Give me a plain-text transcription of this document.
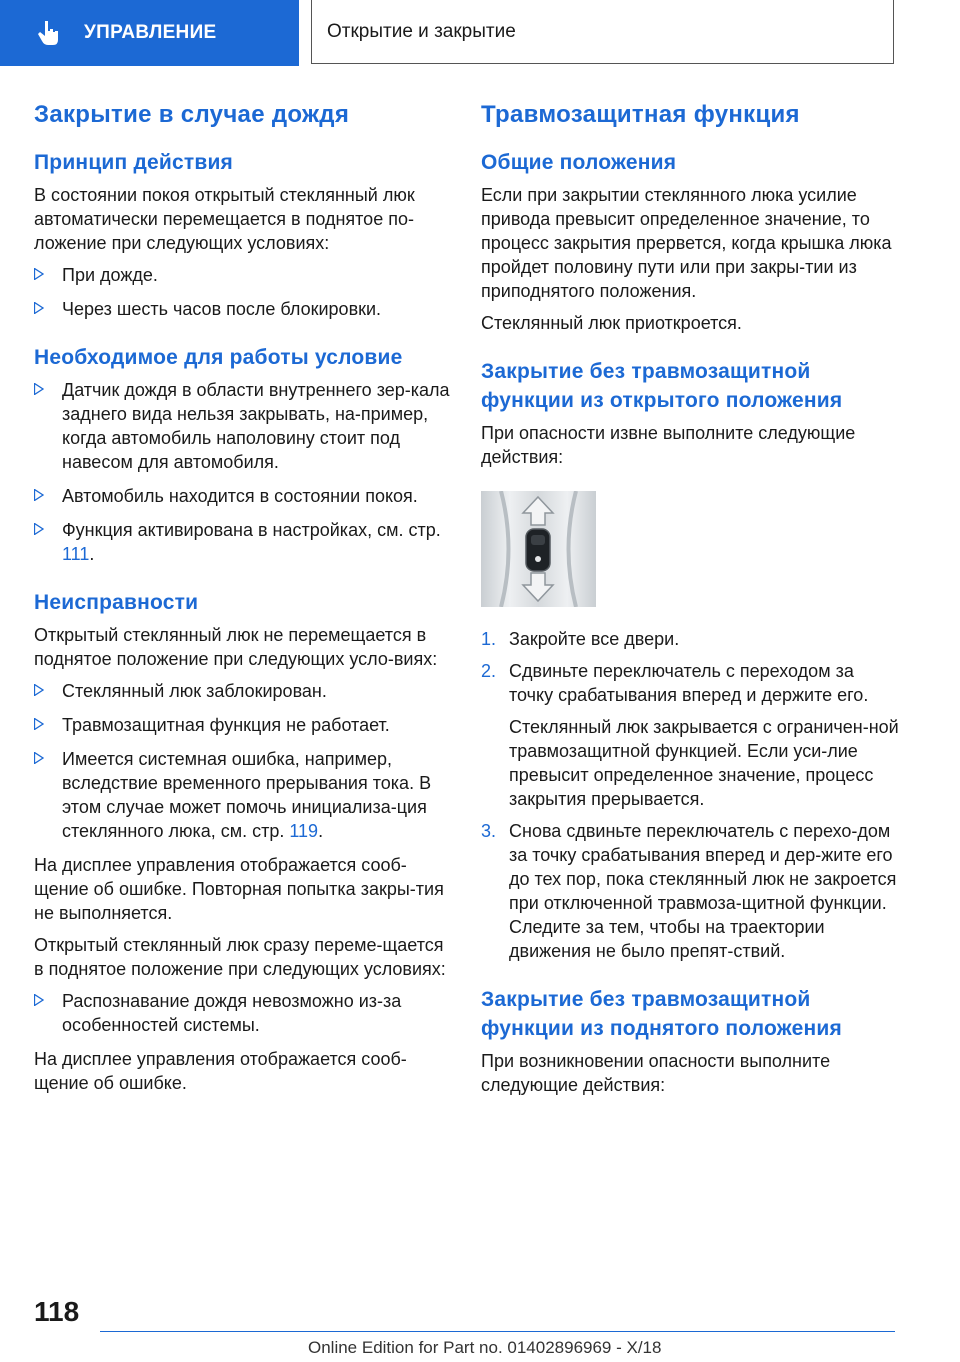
УПРАВЛЕНИЕ	Открытие и закрытие
Закрытие в случае дождя
Принцип действия

В состоянии покоя открытый стеклянный люк автоматически перемещается в поднятое по-ложение при следующих условиях:

При дожде.
Через шесть часов после блокировки.
Необходимое для работы условие
Датчик дождя в области внутреннего зер-кала заднего вида нельзя закрывать, на-пример, когда автомобиль наполовину стоит под навесом для автомобиля.
Автомобиль находится в состоянии покоя.
Функция активирована в настройках, см. стр. 111.
Неисправности

Открытый стеклянный люк не перемещается в поднятое положение при следующих усло-виях:

Стеклянный люк заблокирован.
Травмозащитная функция не работает.
Имеется системная ошибка, например, вследствие временного прерывания тока. В этом случае может помочь инициализа-ция стеклянного люка, см. стр. 119.

На дисплее управления отображается сооб-щение об ошибке. Повторная попытка закры-тия не выполняется.

Открытый стеклянный люк сразу переме-щается в поднятое положение при следующих условиях:

Распознавание дождя невозможно из-за особенностей системы.

На дисплее управления отображается сооб-щение об ошибке.

Травмозащитная функция
Общие положения

Если при закрытии стеклянного люка усилие привода превысит определенное значение, то процесс закрытия прервется, когда крышка люка пройдет половину пути или при закры-тии из приподнятого положения.

Стеклянный люк приоткроется.

Закрытие без травмозащитной функции из открытого положения

При опасности извне выполните следующие действия:

1. Закройте все двери.
2. Сдвиньте переключатель с переходом за точку срабатывания вперед и держите его.
Стеклянный люк закрывается с ограничен-ной травмозащитной функцией. Если уси-лие превысит определенное значение, процесс закрытия прерывается.
3. Снова сдвиньте переключатель с перехо-дом за точку срабатывания вперед и дер-жите его до тех пор, пока стеклянный люк не закроется при отключенной травмоза-щитной функции. Следите за тем, чтобы на траектории движения не было препят-ствий.
Закрытие без травмозащитной функции из поднятого положения

При возникновении опасности выполните следующие действия:

118
Online Edition for Part no. 01402896969 - X/18
